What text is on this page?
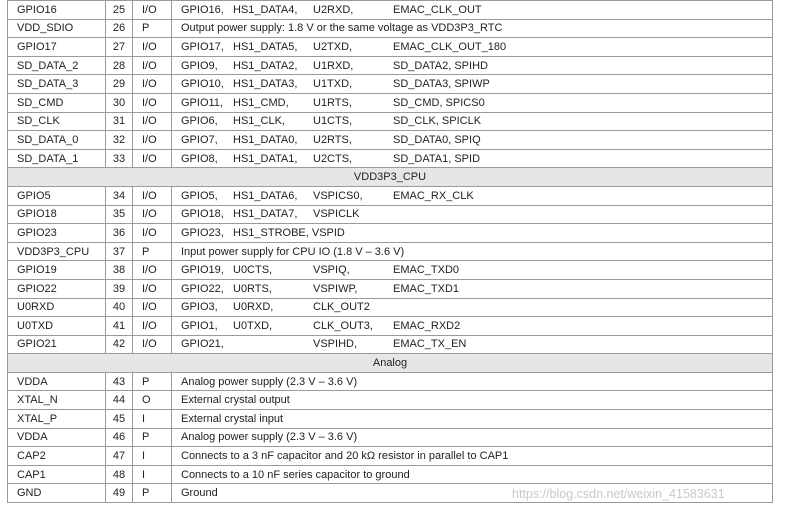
GPIO16	25	I/O	GPIO16, HS1_DATA4, U2RXD, EMAC_CLK_OUT
VDD_SDIO	26	P	Output power supply: 1.8 V or the same voltage as VDD3P3_RTC
GPIO17	27	I/O	GPIO17, HS1_DATA5, U2TXD, EMAC_CLK_OUT_180
SD_DATA_2	28	I/O	GPIO9, HS1_DATA2, U1RXD, SD_DATA2, SPIHD
SD_DATA_3	29	I/O	GPIO10, HS1_DATA3, U1TXD, SD_DATA3, SPIWP
SD_CMD	30	I/O	GPIO11, HS1_CMD, U1RTS, SD_CMD, SPICS0
SD_CLK	31	I/O	GPIO6, HS1_CLK, U1CTS, SD_CLK, SPICLK
SD_DATA_0	32	I/O	GPIO7, HS1_DATA0, U2RTS, SD_DATA0, SPIQ
SD_DATA_1	33	I/O	GPIO8, HS1_DATA1, U2CTS, SD_DATA1, SPID
VDD3P3_CPU			
GPIO5	34	I/O	GPIO5, HS1_DATA6, VSPICS0, EMAC_RX_CLK
GPIO18	35	I/O	GPIO18, HS1_DATA7, VSPICLK
GPIO23	36	I/O	GPIO23, HS1_STROBE, VSPID
VDD3P3_CPU	37	P	Input power supply for CPU IO (1.8 V – 3.6 V)
GPIO19	38	I/O	GPIO19, U0CTS, VSPIQ, EMAC_TXD0
GPIO22	39	I/O	GPIO22, U0RTS, VSPIWP, EMAC_TXD1
U0RXD	40	I/O	GPIO3, U0RXD, CLK_OUT2
U0TXD	41	I/O	GPIO1, U0TXD, CLK_OUT3, EMAC_RXD2
GPIO21	42	I/O	GPIO21, VSPIHD, EMAC_TX_EN
Analog			
VDDA	43	P	Analog power supply (2.3 V – 3.6 V)
XTAL_N	44	O	External crystal output
XTAL_P	45	I	External crystal input
VDDA	46	P	Analog power supply (2.3 V – 3.6 V)
CAP2	47	I	Connects to a 3 nF capacitor and 20 kΩ resistor in parallel to CAP1
CAP1	48	I	Connects to a 10 nF series capacitor to ground
GND	49	P	Ground	https://blog.csdn.net/weixin_41583631
